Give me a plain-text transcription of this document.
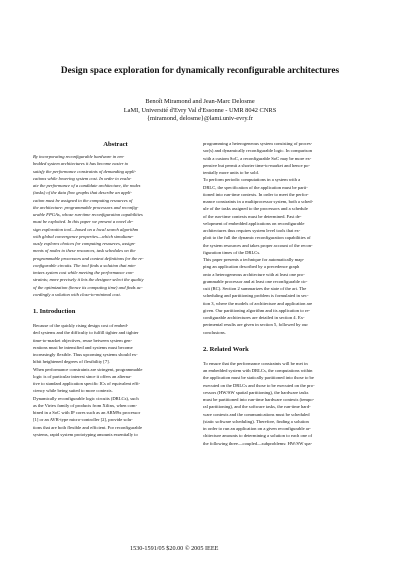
Design space exploration for dynamically reconfigurable architectures
Benoît Miramond and Jean-Marc Delosme
LaMI, Université d'Evry Val d'Essonne - UMR 8042 CNRS
{miramond, delosme}@lami.univ-evry.fr
Abstract
By incorporating reconfigurable hardware in em-
bedded system architectures it has become easier to
satisfy the performance constraints of demanding appli-
cations while lowering system cost. In order to evalu-
ate the performance of a candidate architecture, the nodes
(tasks) of the data flow graphs that describe an appli-
cation must be assigned to the computing resources of
the architecture: programmable processors and reconfig-
urable FPGAs, whose run-time reconfiguration capabilities
must be exploited. In this paper we present a novel de-
sign exploration tool—based on a local search algorithm
with global convergence properties—which simultane-
ously explores choices for computing resources, assign-
ments of nodes to these resources, task schedules on the
programmable processors and context definitions for the re-
configurable circuits. The tool finds a solution that min-
imizes system cost while meeting the performance con-
straints; more precisely it lets the designer select the quality
of the optimization (hence its computing time) and finds ac-
cordingly a solution with close-to-minimal cost.
1. Introduction
Because of the quickly rising design cost of embed-
ded systems and the difficulty to fulfill tighter and tighter
time-to-market objectives, reuse between system gen-
erations must be intensified and systems must become
increasingly flexible. Thus upcoming systems should ex-
hibit heightened degrees of flexibility [7].
When performance constraints are stringent, programmable
logic is of particular interest since it offers an alterna-
tive to standard application specific ICs of equivalent effi-
ciency while being suited to more contexts.
Dynamically reconfigurable logic circuits (DRLCs), such
as the Virtex family of products from Xilinx, when com-
bined in a SoC with IP cores such as an ARM9x processor
[1] or an AVR-type micro-controller [2], provide solu-
tions that are both flexible and efficient. For reconfigurable
systems, rapid system prototyping amounts essentially to
programming a heterogeneous system consisting of proces-
sor(s) and dynamically reconfigurable logic. In comparison
with a custom SoC, a reconfigurable SoC may be more ex-
pensive but permit a shorter time-to-market and hence po-
tentially more units to be sold.
To perform periodic computations in a system with a
DRLC, the specification of the application must be parti-
tioned into run-time contexts. In order to meet the perfor-
mance constraints in a multiprocessor system, both a sched-
ule of the tasks assigned to the processors and a schedule
of the run-time contexts must be determined. Fast de-
velopment of embedded applications on reconfigurable
architectures thus requires system level tools that ex-
ploit to the full the dynamic reconfiguration capabilities of
the system resources and takes proper account of the recon-
figuration times of the DRLCs.
This paper presents a technique for automatically map-
ping an application described by a precedence graph
onto a heterogeneous architecture with at least one pro-
grammable processor and at least one reconfigurable cir-
cuit (RC). Section 2 summarizes the state of the art. The
scheduling and partitioning problem is formulated in sec-
tion 3, where the models of architecture and application are
given. Our partitioning algorithm and its application to re-
configurable architectures are detailed in section 4. Ex-
perimental results are given in section 5, followed by our
conclusions.
2. Related Work
To ensure that the performance constraints will be met in
an embedded system with DRLCs, the computations within
the application must be statically partitioned into those to be
executed on the DRLCs and those to be executed on the pro-
cessors (HW/SW spatial partitioning), the hardware tasks
must be partitioned into run-time hardware contexts (tempo-
ral partitioning), and the software tasks, the run-time hard-
ware contexts and the communications must be scheduled
(static software scheduling). Therefore, finding a solution
in order to run an application on a given reconfigurable ar-
chitecture amounts to determining a solution to each one of
the following three—coupled—subproblems: HW/SW spa-
1530-1591/05 $20.00 © 2005 IEEE
